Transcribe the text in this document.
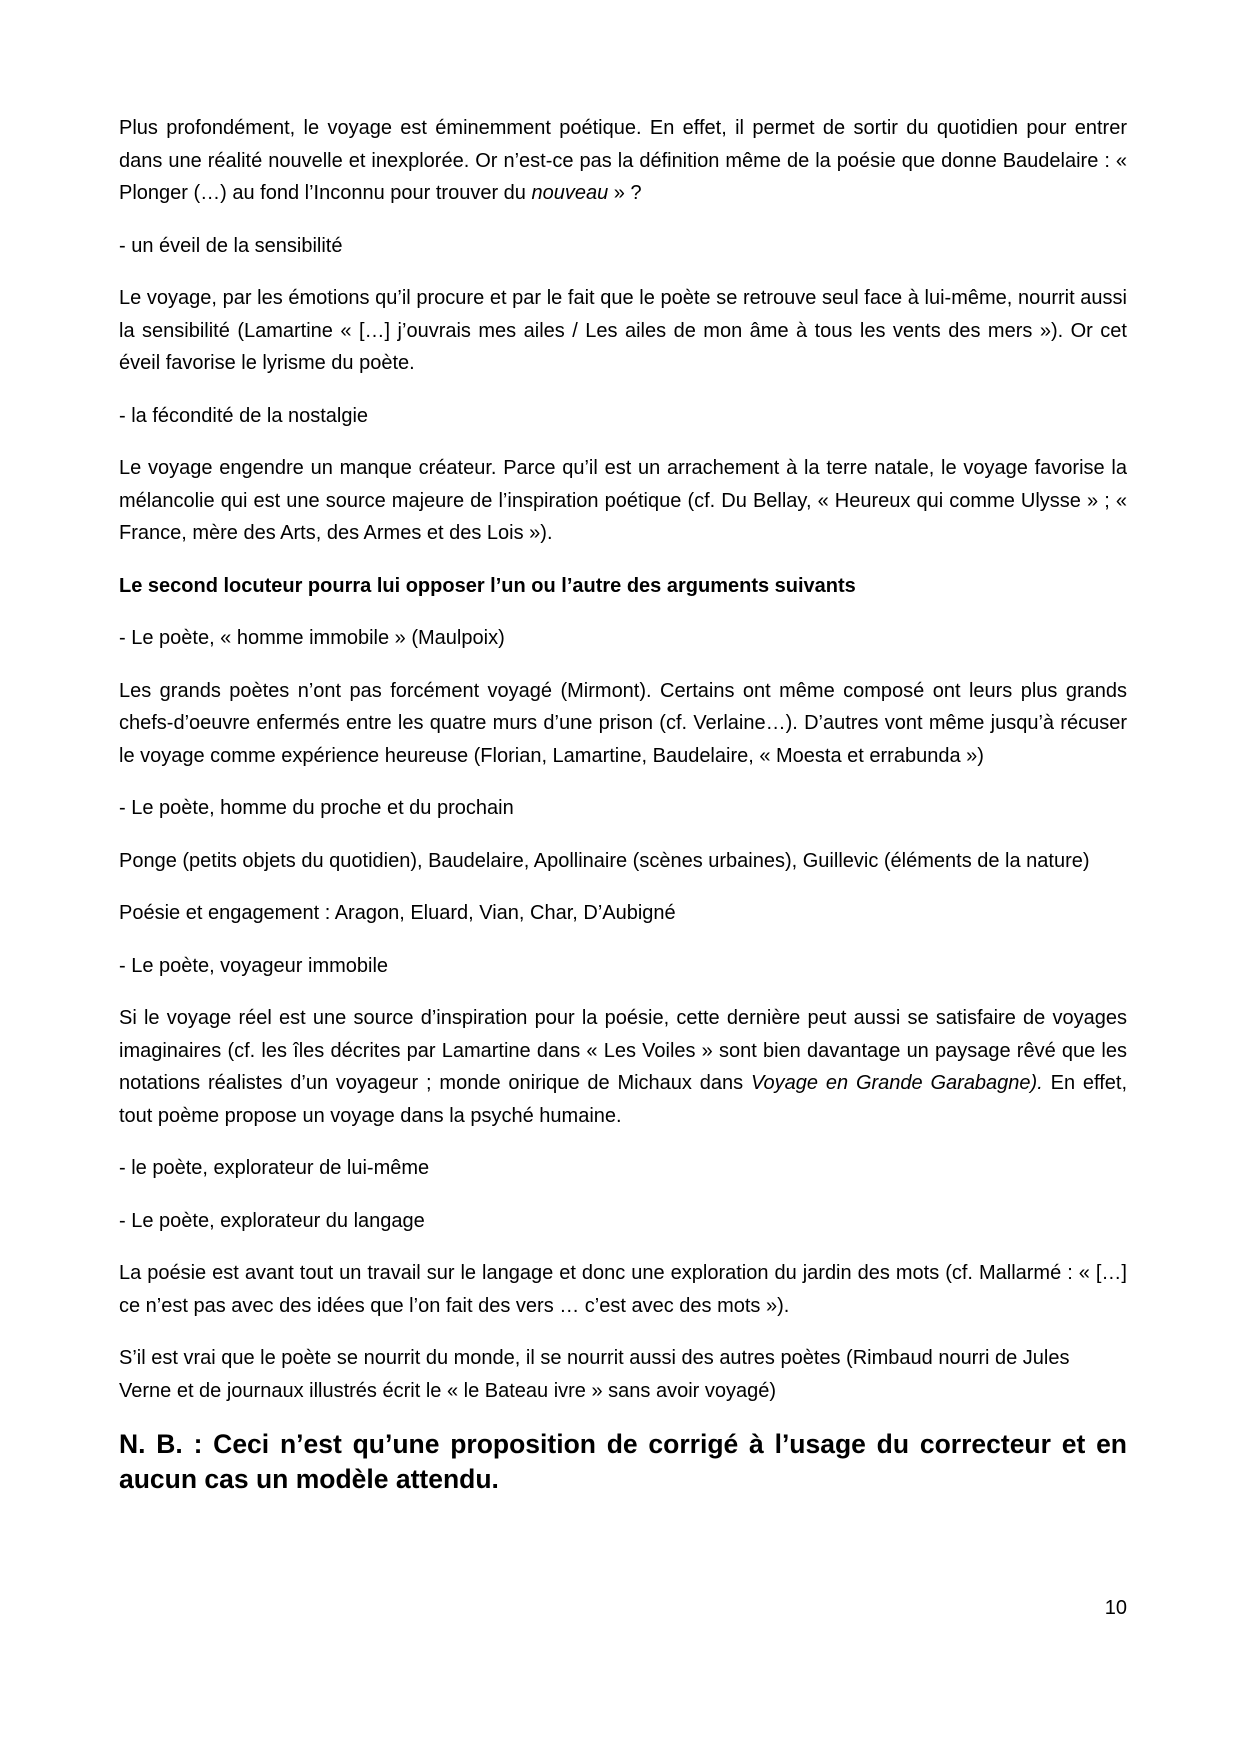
Plus profondément, le voyage est éminemment poétique. En effet, il permet de sortir du quotidien pour entrer dans une réalité nouvelle et inexplorée. Or n’est-ce pas la définition même de la poésie que donne Baudelaire : « Plonger (…) au fond l’Inconnu pour trouver du nouveau » ?

- un éveil de la sensibilité

Le voyage, par les émotions qu’il procure et par le fait que le poète se retrouve seul face à lui-même, nourrit aussi la sensibilité (Lamartine « […] j’ouvrais mes ailes / Les ailes de mon âme à tous les vents des mers »). Or cet éveil favorise le lyrisme du poète.

- la fécondité de la nostalgie

Le voyage engendre un manque créateur. Parce qu’il est un arrachement à la terre natale, le voyage favorise la mélancolie qui est une source majeure de l’inspiration poétique (cf. Du Bellay, « Heureux qui comme Ulysse » ; « France, mère des Arts, des Armes et des Lois »).

Le second locuteur pourra lui opposer l’un ou l’autre des arguments suivants

- Le poète, « homme immobile » (Maulpoix)

Les grands poètes n’ont pas forcément voyagé (Mirmont). Certains ont même composé ont leurs plus grands chefs-d’oeuvre enfermés entre les quatre murs d’une prison (cf. Verlaine…). D’autres vont même jusqu’à récuser le voyage comme expérience heureuse (Florian, Lamartine, Baudelaire, « Moesta et errabunda »)

- Le poète, homme du proche et du prochain

Ponge (petits objets du quotidien), Baudelaire, Apollinaire (scènes urbaines), Guillevic (éléments de la nature)

Poésie et engagement : Aragon, Eluard, Vian, Char, D’Aubigné

- Le poète, voyageur immobile

Si le voyage réel est une source d’inspiration pour la poésie, cette dernière peut aussi se satisfaire de voyages imaginaires (cf. les îles décrites par Lamartine dans « Les Voiles » sont bien davantage un paysage rêvé que les notations réalistes d’un voyageur ; monde onirique de Michaux dans Voyage en Grande Garabagne). En effet, tout poème propose un voyage dans la psyché humaine.

- le poète, explorateur de lui-même

- Le poète, explorateur du langage

La poésie est avant tout un travail sur le langage et donc une exploration du jardin des mots (cf. Mallarmé : « […] ce n’est pas avec des idées que l’on fait des vers … c’est avec des mots »).

S’il est vrai que le poète se nourrit du monde, il se nourrit aussi des autres poètes (Rimbaud nourri de Jules Verne et de journaux illustrés écrit le « le Bateau ivre » sans avoir voyagé)

N. B. : Ceci n’est qu’une proposition de corrigé à l’usage du correcteur et en aucun cas un modèle attendu.

10
